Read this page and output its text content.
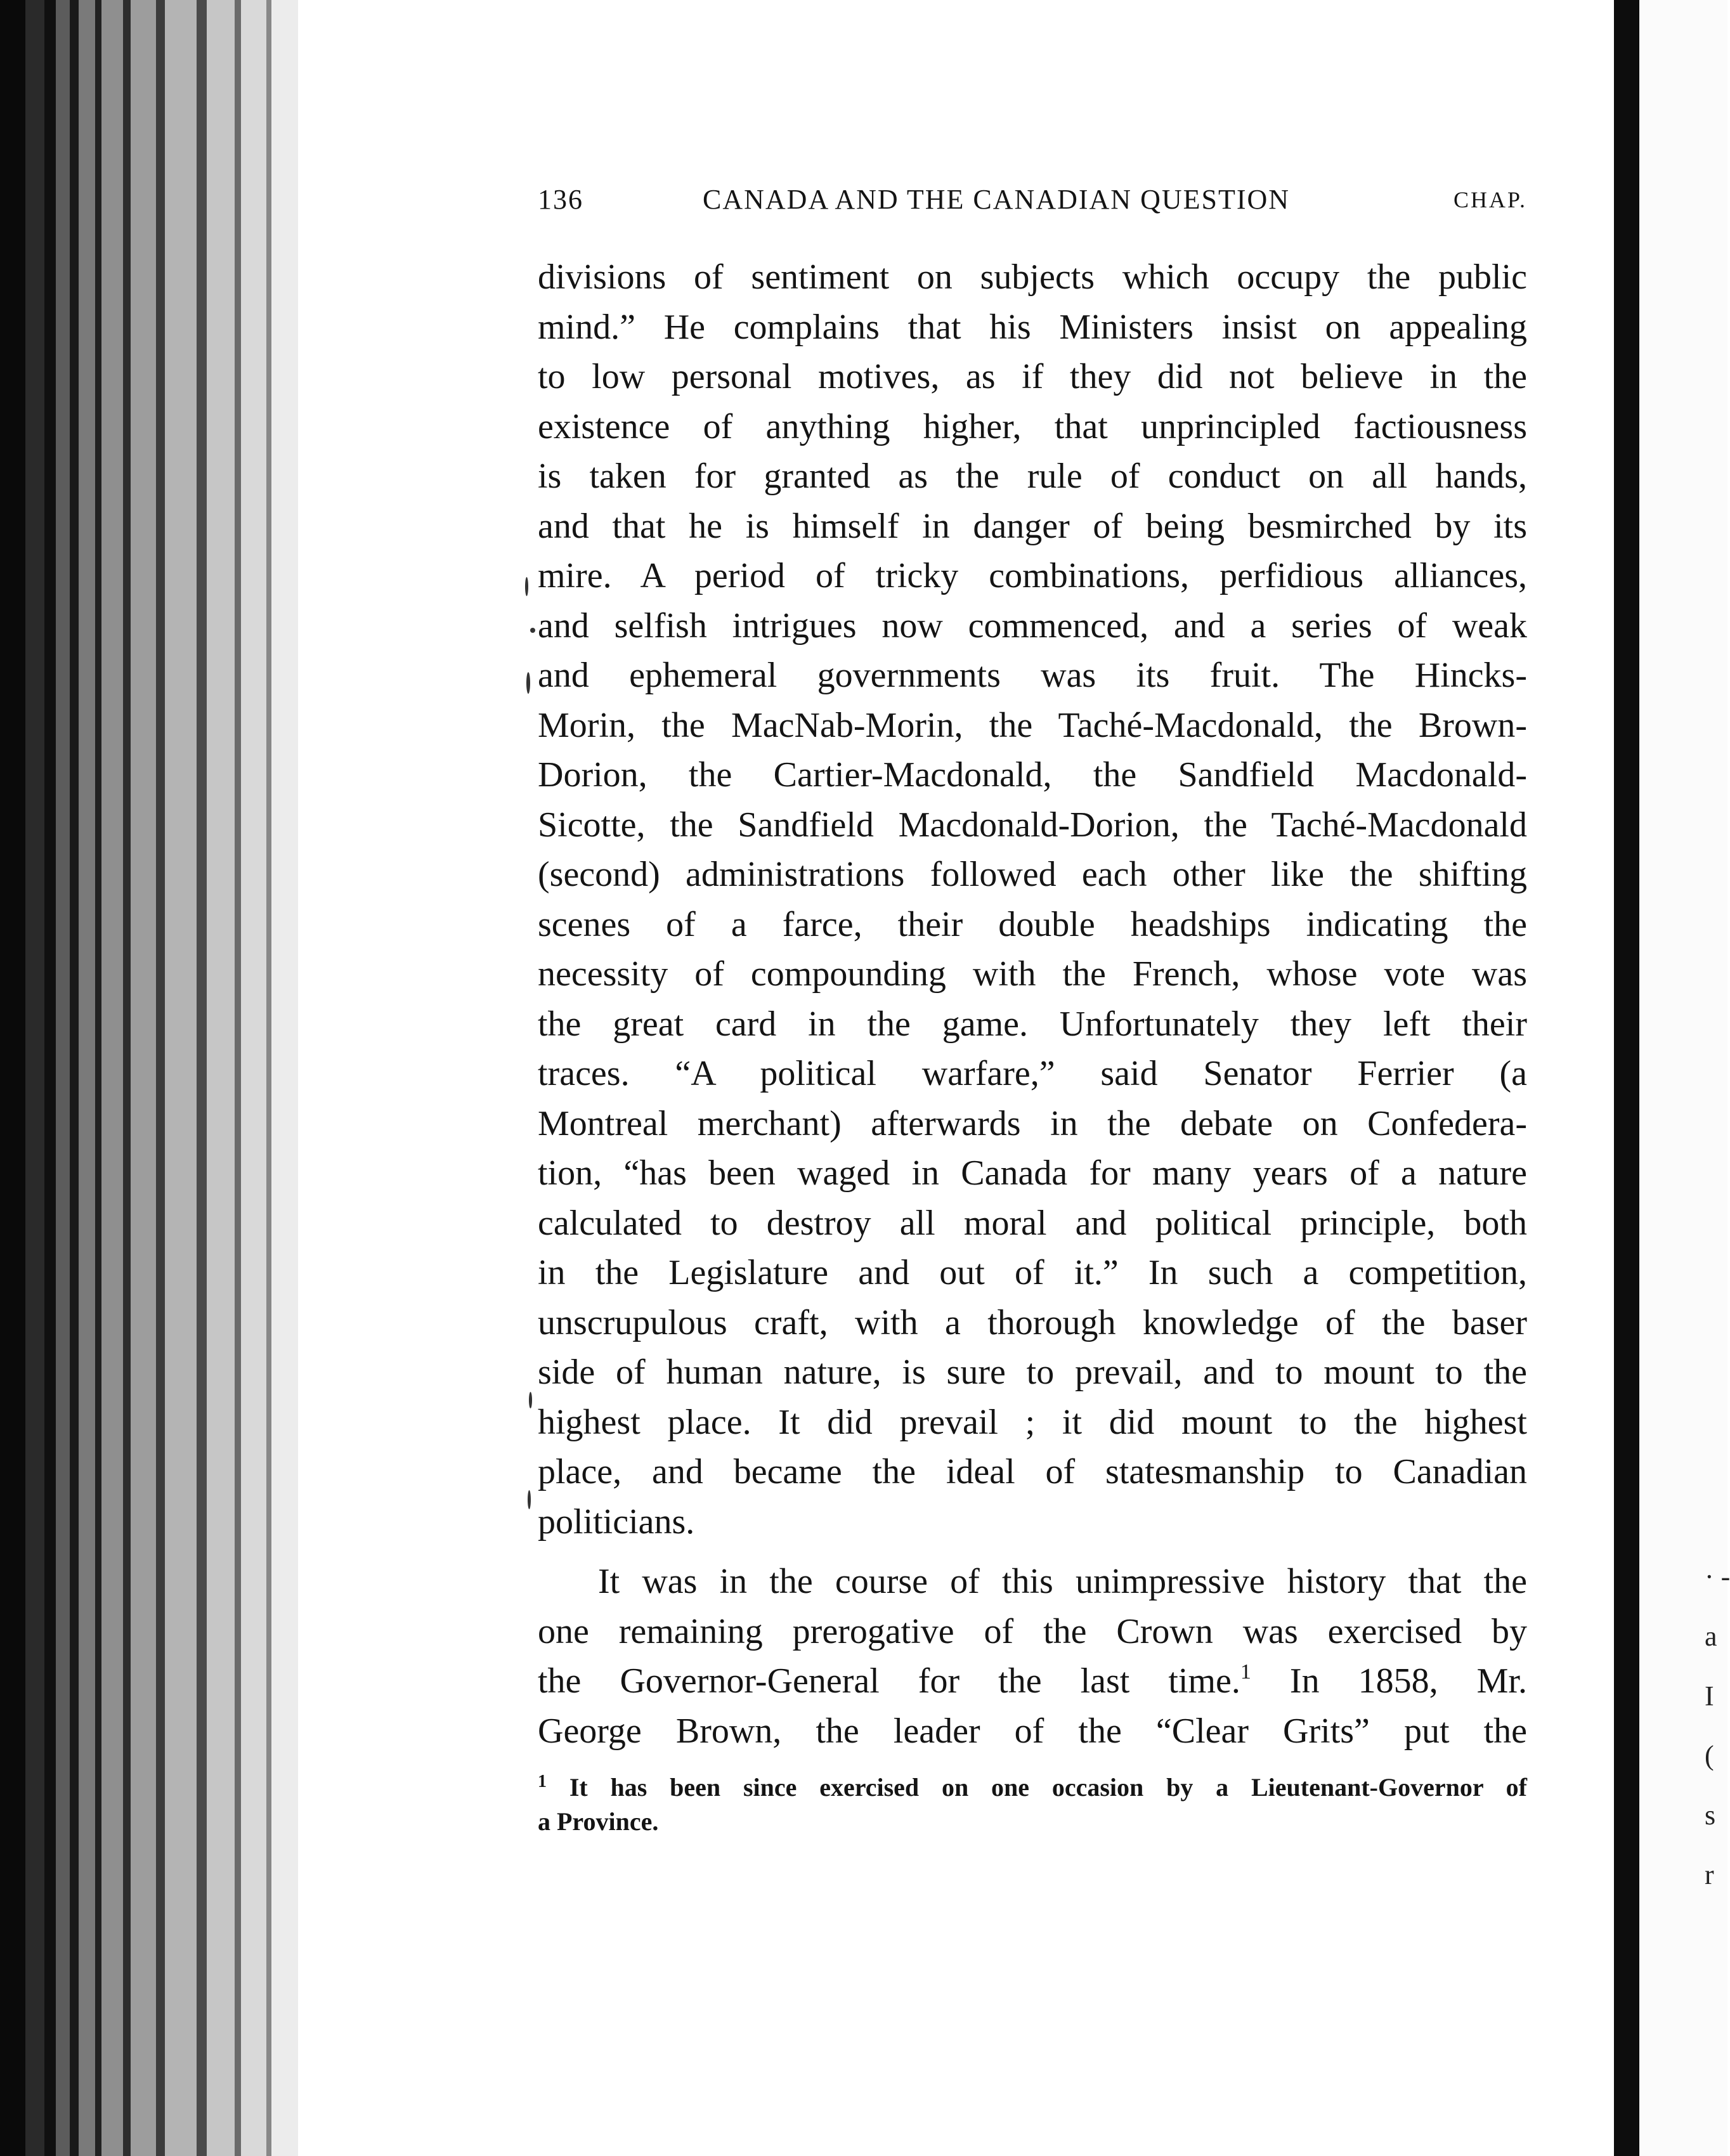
136	CANADA AND THE CANADIAN QUESTION	CHAP.

divisions of sentiment on subjects which occupy the public

mind.” He complains that his Ministers insist on appealing

to low personal motives, as if they did not believe in the

existence of anything higher, that unprincipled factiousness

is taken for granted as the rule of conduct on all hands,

and that he is himself in danger of being besmirched by its

mire. A period of tricky combinations, perfidious alliances,

and selfish intrigues now commenced, and a series of weak

and ephemeral governments was its fruit. The Hincks-

Morin, the MacNab-Morin, the Taché-Macdonald, the Brown-

Dorion, the Cartier-Macdonald, the Sandfield Macdonald-

Sicotte, the Sandfield Macdonald-Dorion, the Taché-Macdonald

(second) administrations followed each other like the shifting

scenes of a farce, their double headships indicating the

necessity of compounding with the French, whose vote was

the great card in the game. Unfortunately they left their

traces. “A political warfare,” said Senator Ferrier (a

Montreal merchant) afterwards in the debate on Confedera-

tion, “has been waged in Canada for many years of a nature

calculated to destroy all moral and political principle, both

in the Legislature and out of it.” In such a competition,

unscrupulous craft, with a thorough knowledge of the baser

side of human nature, is sure to prevail, and to mount to the

highest place. It did prevail ; it did mount to the highest

place, and became the ideal of statesmanship to Canadian

politicians.

It was in the course of this unimpressive history that the

one remaining prerogative of the Crown was exercised by

the Governor-General for the last time.$^1$ In 1858, Mr.

George Brown, the leader of the “Clear Grits” put the

$^1$ It has been since exercised on one occasion by a Lieutenant-Governor of

a Province.

· -
а
I
(
s
r
